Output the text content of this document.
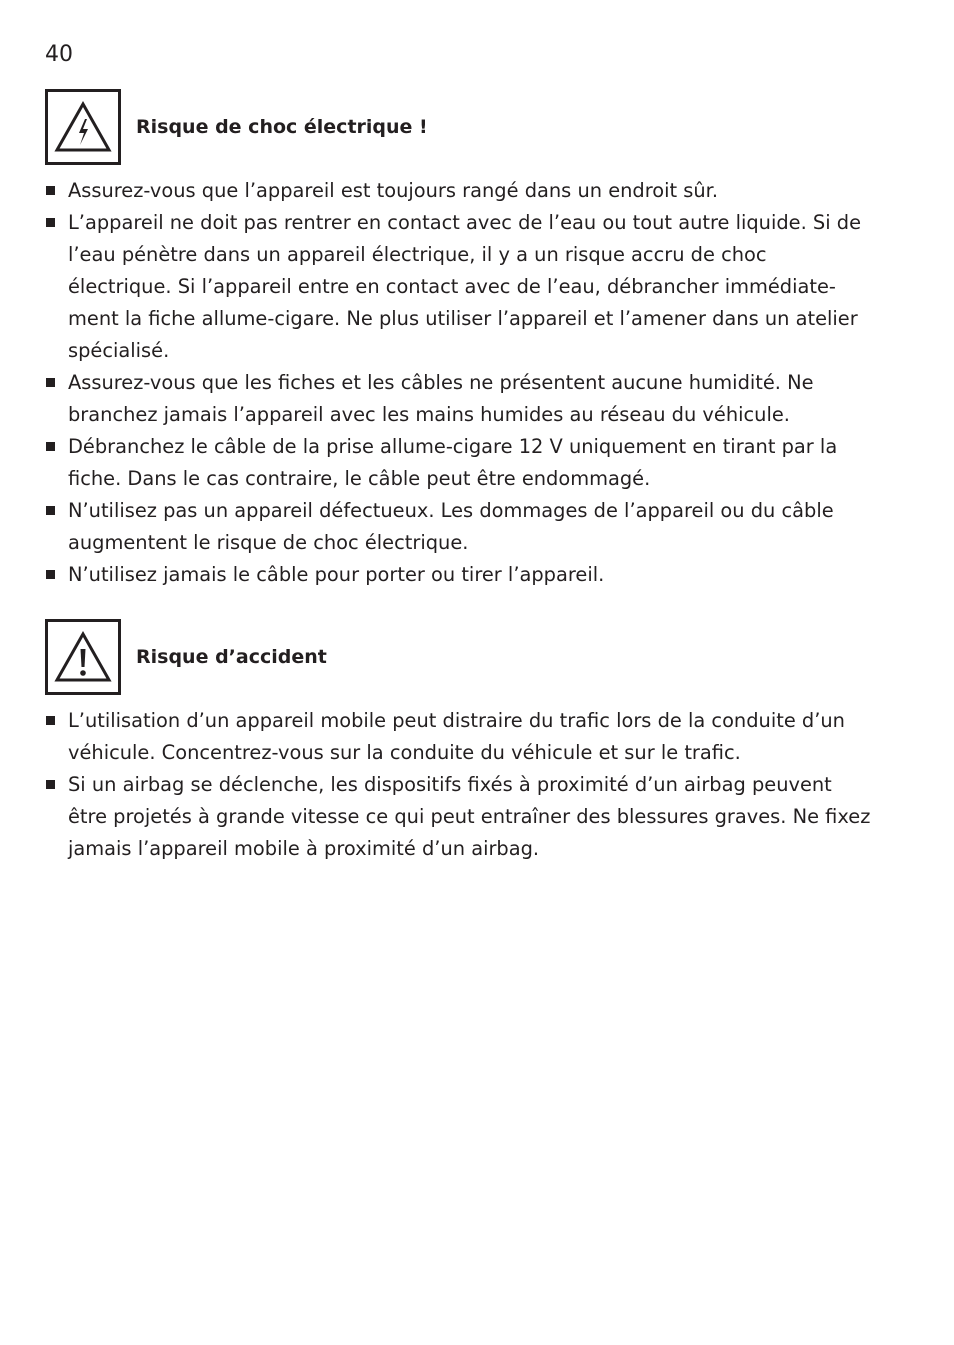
40
Risque de choc électrique !
Assurez-vous que l’appareil est toujours rangé dans un endroit sûr.
L’appareil ne doit pas rentrer en contact avec de l’eau ou tout autre liquide. Si de l’eau pénètre dans un appareil électrique, il y a un risque accru de choc électrique. Si l’appareil entre en contact avec de l’eau, débrancher immédiate-ment la fiche allume-cigare. Ne plus utiliser l’appareil et l’amener dans un atelier spécialisé.
Assurez-vous que les fiches et les câbles ne présentent aucune humidité. Ne branchez jamais l’appareil avec les mains humides au réseau du véhicule.
Débranchez le câble de la prise allume-cigare 12 V uniquement en tirant par la fiche. Dans le cas contraire, le câble peut être endommagé.
N’utilisez pas un appareil défectueux. Les dommages de l’appareil ou du câble augmentent le risque de choc électrique.
N’utilisez jamais le câble pour porter ou tirer l’appareil.
Risque d’accident
L’utilisation d’un appareil mobile peut distraire du trafic lors de la conduite d’un véhicule. Concentrez-vous sur la conduite du véhicule et sur le trafic.
Si un airbag se déclenche, les dispositifs fixés à proximité d’un airbag peuvent être projetés à grande vitesse ce qui peut entraîner des blessures graves. Ne fixez jamais l’appareil mobile à proximité d’un airbag.
